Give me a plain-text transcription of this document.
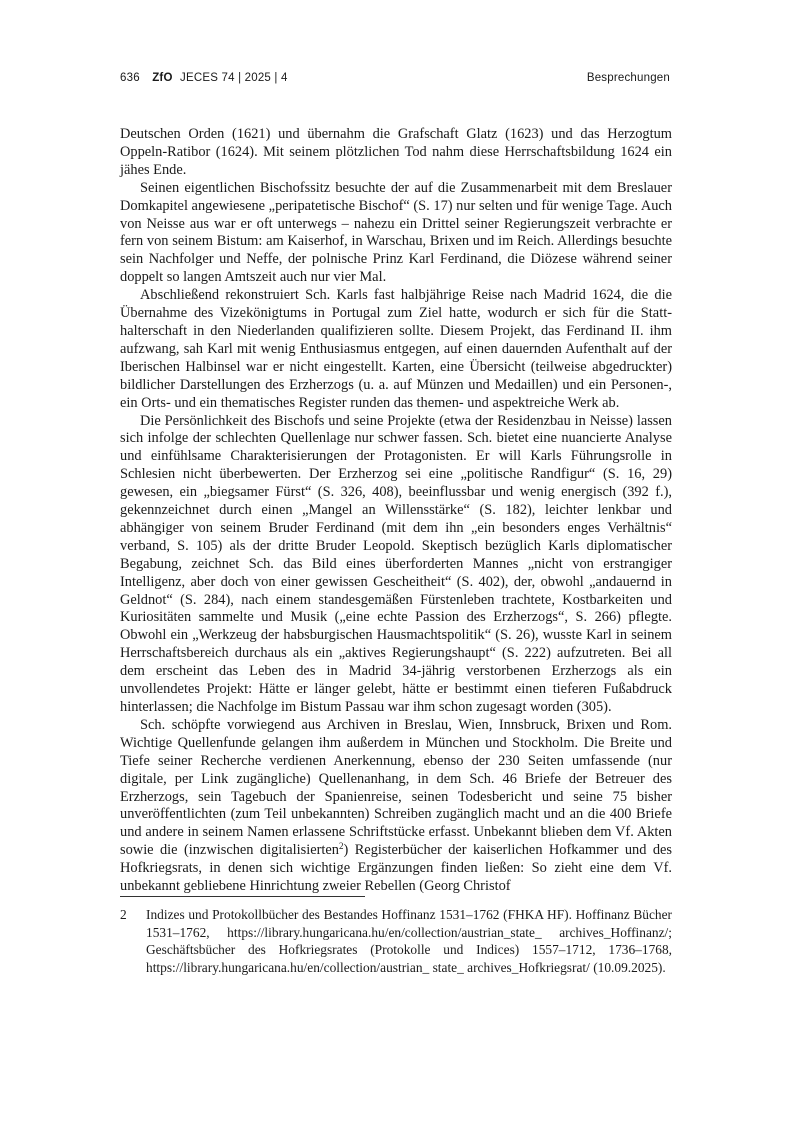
636 ZfO JECES 74 | 2025 | 4	Besprechungen

Deutschen Orden (1621) und übernahm die Grafschaft Glatz (1623) und das Herzogtum Oppeln-Ratibor (1624). Mit seinem plötzlichen Tod nahm diese Herrschaftsbildung 1624 ein jähes Ende.

Seinen eigentlichen Bischofssitz besuchte der auf die Zusammenarbeit mit dem Breslauer Domkapitel angewiesene „peripatetische Bischof“ (S. 17) nur selten und für wenige Tage. Auch von Neisse aus war er oft unterwegs – nahezu ein Drittel seiner Regierungszeit verbrachte er fern von seinem Bistum: am Kaiserhof, in Warschau, Brixen und im Reich. Allerdings besuchte sein Nachfolger und Neffe, der polnische Prinz Karl Ferdinand, die Diözese während seiner doppelt so langen Amtszeit auch nur vier Mal.

Abschließend rekonstruiert Sch. Karls fast halbjährige Reise nach Madrid 1624, die die Übernahme des Vizekönigtums in Portugal zum Ziel hatte, wodurch er sich für die Statthalterschaft in den Niederlanden qualifizieren sollte. Diesem Projekt, das Ferdinand II. ihm aufzwang, sah Karl mit wenig Enthusiasmus entgegen, auf einen dauernden Aufenthalt auf der Iberischen Halbinsel war er nicht eingestellt. Karten, eine Übersicht (teilweise abgedruckter) bildlicher Darstellungen des Erzherzogs (u. a. auf Münzen und Medaillen) und ein Personen-, ein Orts- und ein thematisches Register runden das themen- und aspektreiche Werk ab.

Die Persönlichkeit des Bischofs und seine Projekte (etwa der Residenzbau in Neisse) lassen sich infolge der schlechten Quellenlage nur schwer fassen. Sch. bietet eine nuancierte Analyse und einfühlsame Charakterisierungen der Protagonisten. Er will Karls Führungsrolle in Schlesien nicht überbewerten. Der Erzherzog sei eine „politische Randfigur“ (S. 16, 29) gewesen, ein „biegsamer Fürst“ (S. 326, 408), beeinflussbar und wenig energisch (392 f.), gekennzeichnet durch einen „Mangel an Willensstärke“ (S. 182), leichter lenkbar und abhängiger von seinem Bruder Ferdinand (mit dem ihn „ein besonders enges Verhältnis“ verband, S. 105) als der dritte Bruder Leopold. Skeptisch bezüglich Karls diplomatischer Begabung, zeichnet Sch. das Bild eines überforderten Mannes „nicht von erstrangiger Intelligenz, aber doch von einer gewissen Gescheitheit“ (S. 402), der, obwohl „andauernd in Geldnot“ (S. 284), nach einem standesgemäßen Fürstenleben trachtete, Kostbarkeiten und Kuriositäten sammelte und Musik („eine echte Passion des Erzherzogs“, S. 266) pflegte. Obwohl ein „Werkzeug der habsburgischen Hausmachtspolitik“ (S. 26), wusste Karl in seinem Herrschaftsbereich durchaus als ein „aktives Regierungshaupt“ (S. 222) aufzutreten. Bei all dem erscheint das Leben des in Madrid 34-jährig verstorbenen Erzherzogs als ein unvollendetes Projekt: Hätte er länger gelebt, hätte er bestimmt einen tieferen Fußabdruck hinterlassen; die Nachfolge im Bistum Passau war ihm schon zugesagt worden (305).

Sch. schöpfte vorwiegend aus Archiven in Breslau, Wien, Innsbruck, Brixen und Rom. Wichtige Quellenfunde gelangen ihm außerdem in München und Stockholm. Die Breite und Tiefe seiner Recherche verdienen Anerkennung, ebenso der 230 Seiten umfassende (nur digitale, per Link zugängliche) Quellenanhang, in dem Sch. 46 Briefe der Betreuer des Erzherzogs, sein Tagebuch der Spanienreise, seinen Todesbericht und seine 75 bisher unveröffentlichten (zum Teil unbekannten) Schreiben zugänglich macht und an die 400 Briefe und andere in seinem Namen erlassene Schriftstücke erfasst. Unbekannt blieben dem Vf. Akten sowie die (inzwischen digitalisierten$^2$) Registerbücher der kaiserlichen Hofkammer und des Hofkriegsrats, in denen sich wichtige Ergänzungen finden ließen: So zieht eine dem Vf. unbekannt gebliebene Hinrichtung zweier Rebellen (Georg Christof

2 Indizes und Protokollbücher des Bestandes Hoffinanz 1531–1762 (FHKA HF). Hoffinanz Bücher 1531–1762, https://library.hungaricana.hu/en/collection/austrian_state_ archives_Hoffinanz/; Geschäftsbücher des Hofkriegsrates (Protokolle und Indices) 1557–1712, 1736–1768, https://library.hungaricana.hu/en/collection/austrian_ state_ archives_Hofkriegsrat/ (10.09.2025).
